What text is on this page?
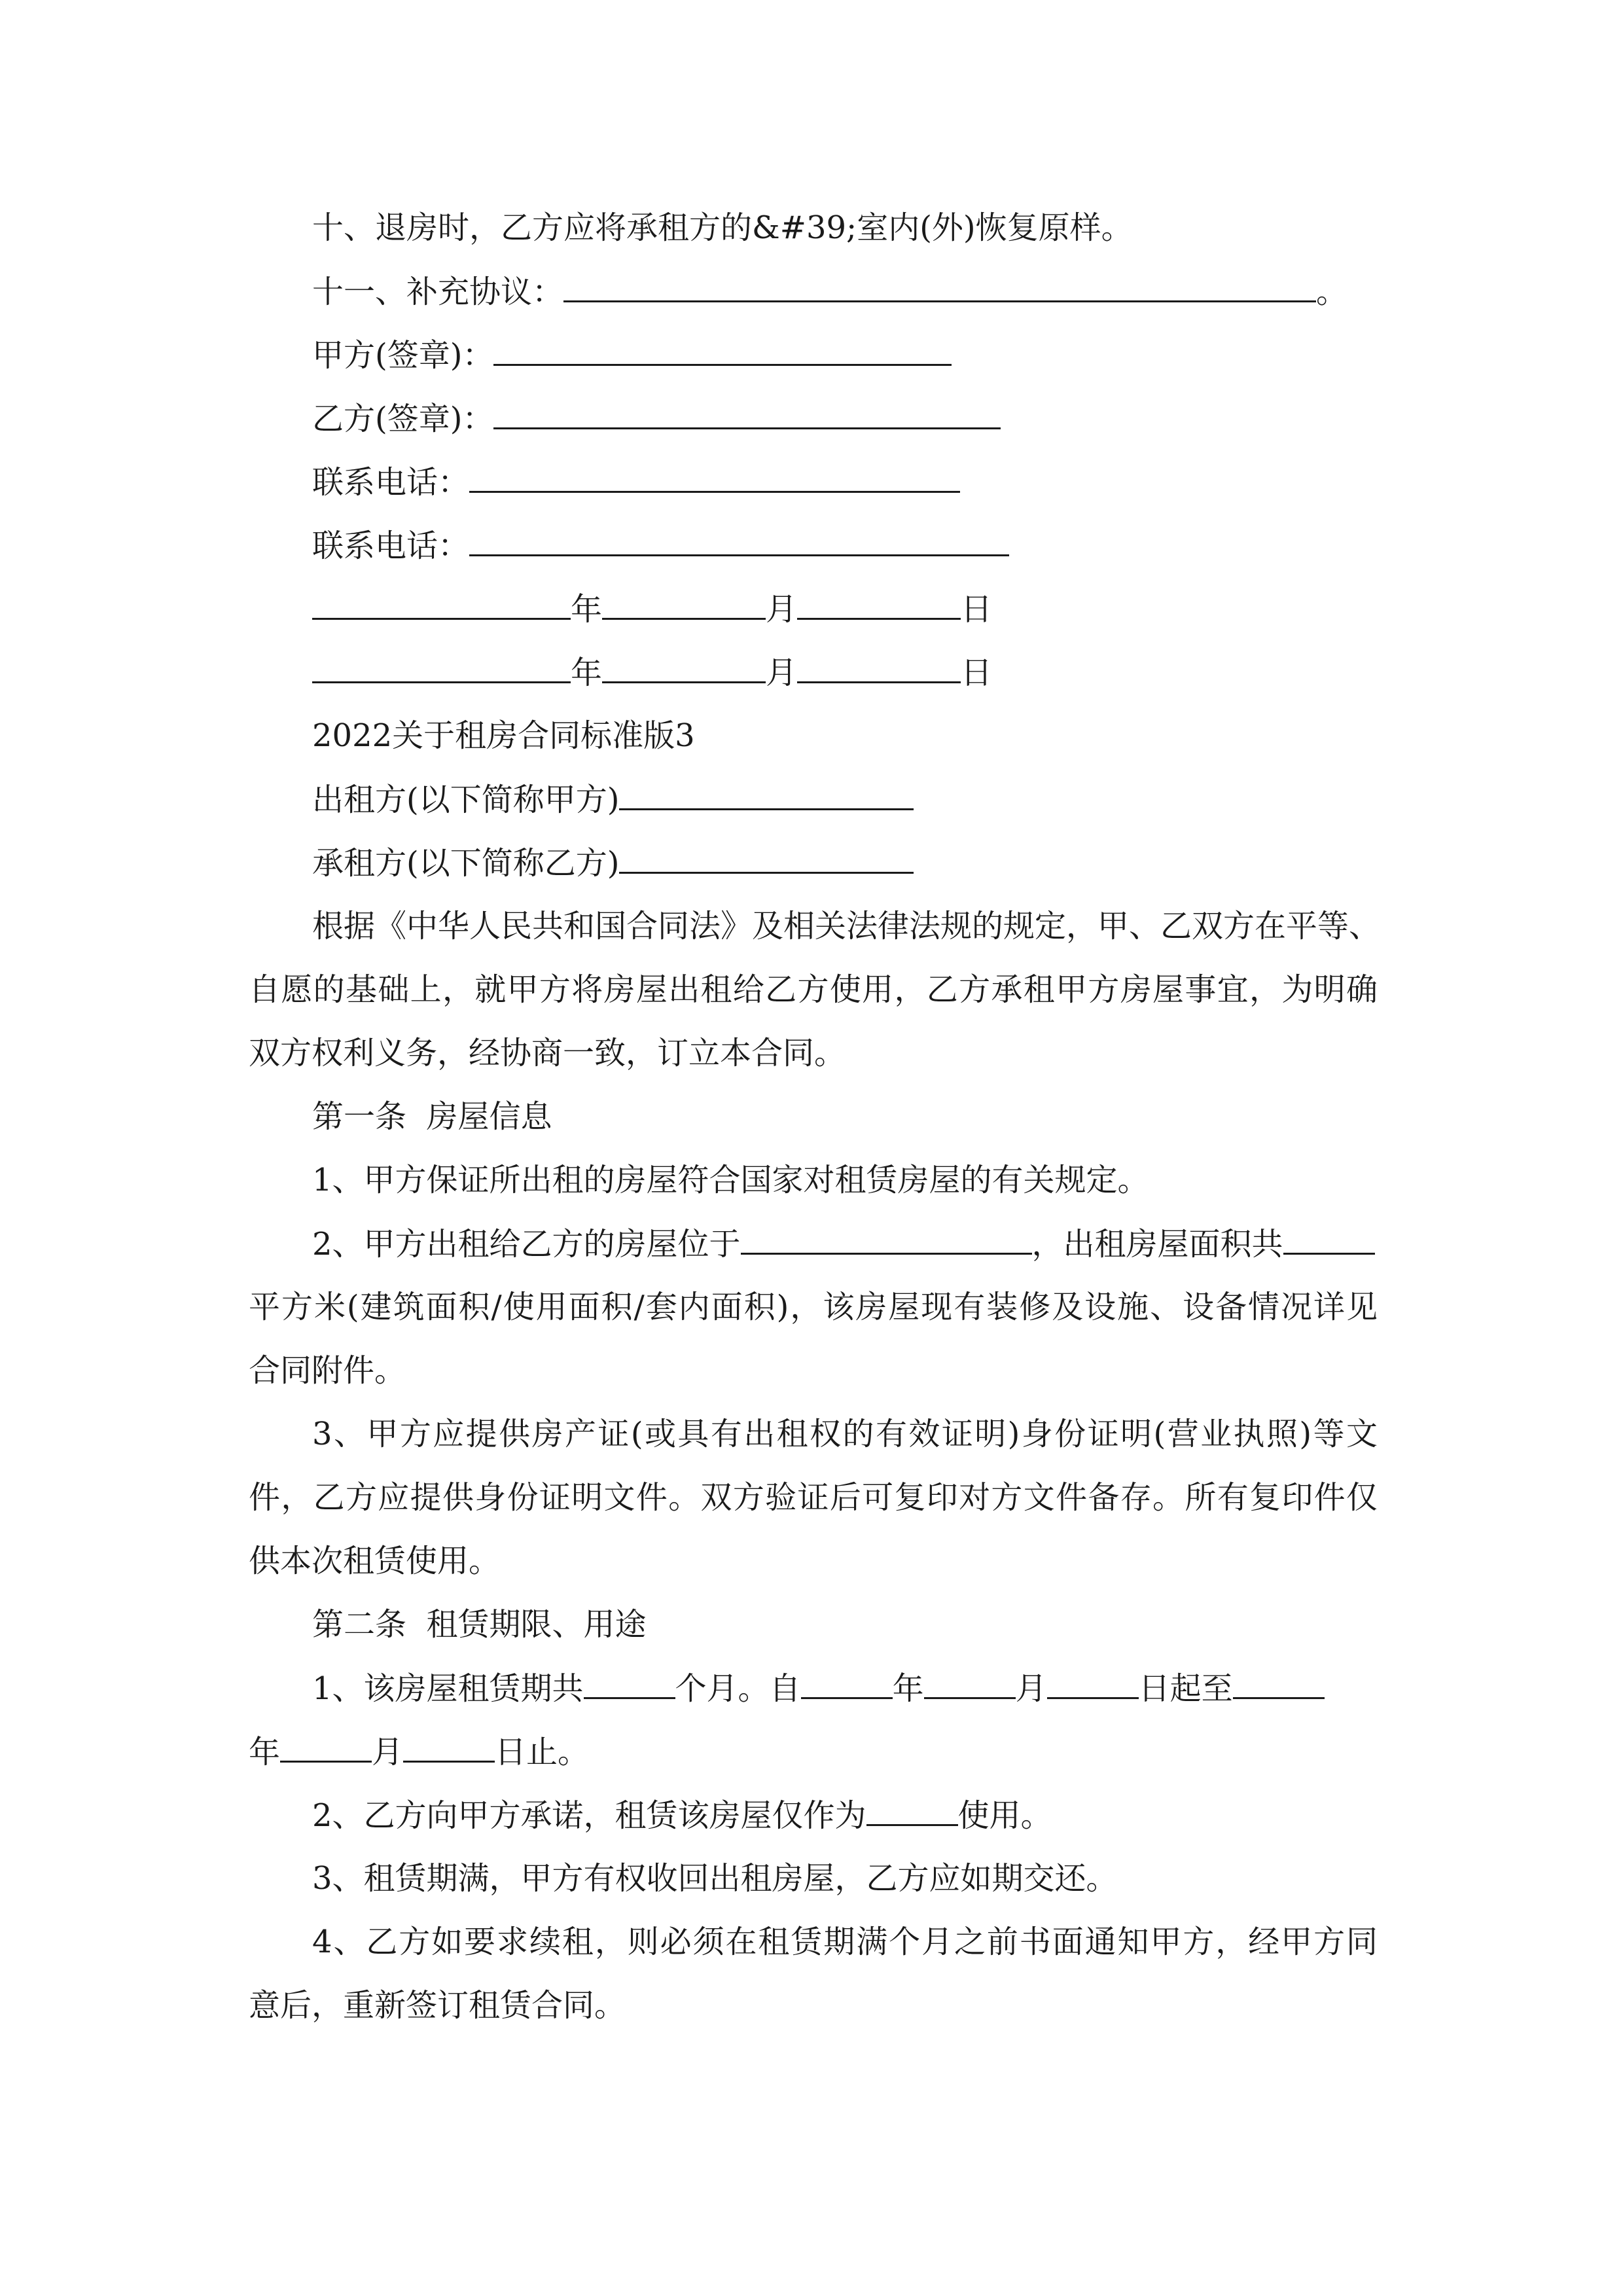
十、退房时，乙方应将承租方的&#39;室内(外)恢复原样。
十一、补充协议：	。
甲方(签章)：
乙方(签章)：
联系电话：
联系电话：
年	月	日
年	月	日
2022关于租房合同标准版3
出租方(以下简称甲方)
承租方(以下简称乙方)
根据《中华人民共和国合同法》及相关法律法规的规定，甲、乙双方在平等、
自愿的基础上，就甲方将房屋出租给乙方使用，乙方承租甲方房屋事宜，为明确
双方权利义务，经协商一致，订立本合同。
第一条  房屋信息
1、甲方保证所出租的房屋符合国家对租赁房屋的有关规定。
2、甲方出租给乙方的房屋位于	，出租房屋面积共
平方米(建筑面积/使用面积/套内面积)，该房屋现有装修及设施、设备情况详见
合同附件。
3、甲方应提供房产证(或具有出租权的有效证明)身份证明(营业执照)等文
件，乙方应提供身份证明文件。双方验证后可复印对方文件备存。所有复印件仅
供本次租赁使用。
第二条  租赁期限、用途
1、该房屋租赁期共	个月。自	年	月	日起至
年	月	日止。
2、乙方向甲方承诺，租赁该房屋仅作为	使用。
3、租赁期满，甲方有权收回出租房屋，乙方应如期交还。
4、乙方如要求续租，则必须在租赁期满个月之前书面通知甲方，经甲方同
意后，重新签订租赁合同。
